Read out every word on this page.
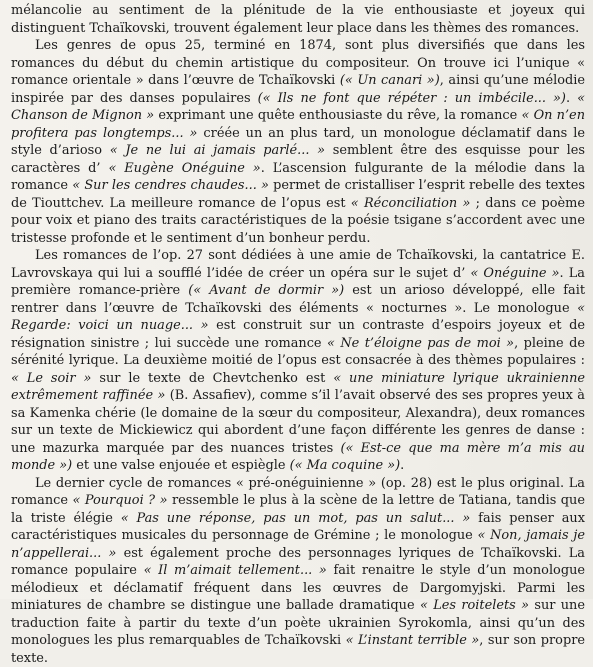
mélancolie au sentiment de la plénitude de la vie enthousiaste et joyeux qui distinguent Tchaïkovski, trouvent également leur place dans les thèmes des romances.

Les genres de opus 25, terminé en 1874, sont plus diversifiés que dans les romances du début du chemin artistique du compositeur. On trouve ici l’unique « romance orientale » dans l’œuvre de Tchaïkovski (« Un canari »), ainsi qu’une mélodie inspirée par des danses populaires (« Ils ne font que répéter : un imbécile... »). « Chanson de Mignon » exprimant une quête enthousiaste du rêve, la romance « On n’en profitera pas longtemps... » créée un an plus tard, un monologue déclamatif dans le style d’arioso « Je ne lui ai jamais parlé... » semblent être des esquisse pour les caractères d’ « Eugène Onéguine ». L’ascension fulgurante de la mélodie dans la romance « Sur les cendres chaudes... » permet de cristalliser l’esprit rebelle des textes de Tiouttchev. La meilleure romance de l’opus est « Réconciliation » ; dans ce poème pour voix et piano des traits caractéristiques de la poésie tsigane s’accordent avec une tristesse profonde et le sentiment d’un bonheur perdu.

Les romances de l’op. 27 sont dédiées à une amie de Tchaïkovski, la cantatrice E. Lavrovskaya qui lui a soufflé l’idée de créer un opéra sur le sujet d’ « Onéguine ». La première romance-prière (« Avant de dormir ») est un arioso développé, elle fait rentrer dans l’œuvre de Tchaïkovski des éléments « nocturnes ». Le monologue « Regarde: voici un nuage... » est construit sur un contraste d’espoirs joyeux et de résignation sinistre ; lui succède une romance « Ne t’éloigne pas de moi », pleine de sérénité lyrique. La deuxième moitié de l’opus est consacrée à des thèmes populaires : « Le soir » sur le texte de Chevtchenko est « une miniature lyrique ukrainienne extrêmement raffinée » (B. Assafiev), comme s’il l’avait observé des ses propres yeux à sa Kamenka chérie (le domaine de la sœur du compositeur, Alexandra), deux romances sur un texte de Mickiewicz qui abordent d’une façon différente les genres de danse : une mazurka marquée par des nuances tristes (« Est-ce que ma mère m’a mis au monde ») et une valse enjouée et espiègle (« Ma coquine »).

Le dernier cycle de romances « pré-onéguinienne » (op. 28) est le plus original. La romance « Pourquoi ? » ressemble le plus à la scène de la lettre de Tatiana, tandis que la triste élégie « Pas une réponse, pas un mot, pas un salut... » fais penser aux caractéristiques musicales du personnage de Grémine ; le monologue « Non, jamais je n’appellerai... » est également proche des personnages lyriques de Tchaïkovski. La romance populaire « Il m’aimait tellement... » fait renaitre le style d’un monologue mélodieux et déclamatif fréquent dans les œuvres de Dargomyjski. Parmi les miniatures de chambre se distingue une ballade dramatique « Les roitelets » sur une traduction faite à partir du texte d’un poète ukrainien Syrokomla, ainsi qu’un des monologues les plus remarquables de Tchaïkovski « L’instant terrible », sur son propre texte.
